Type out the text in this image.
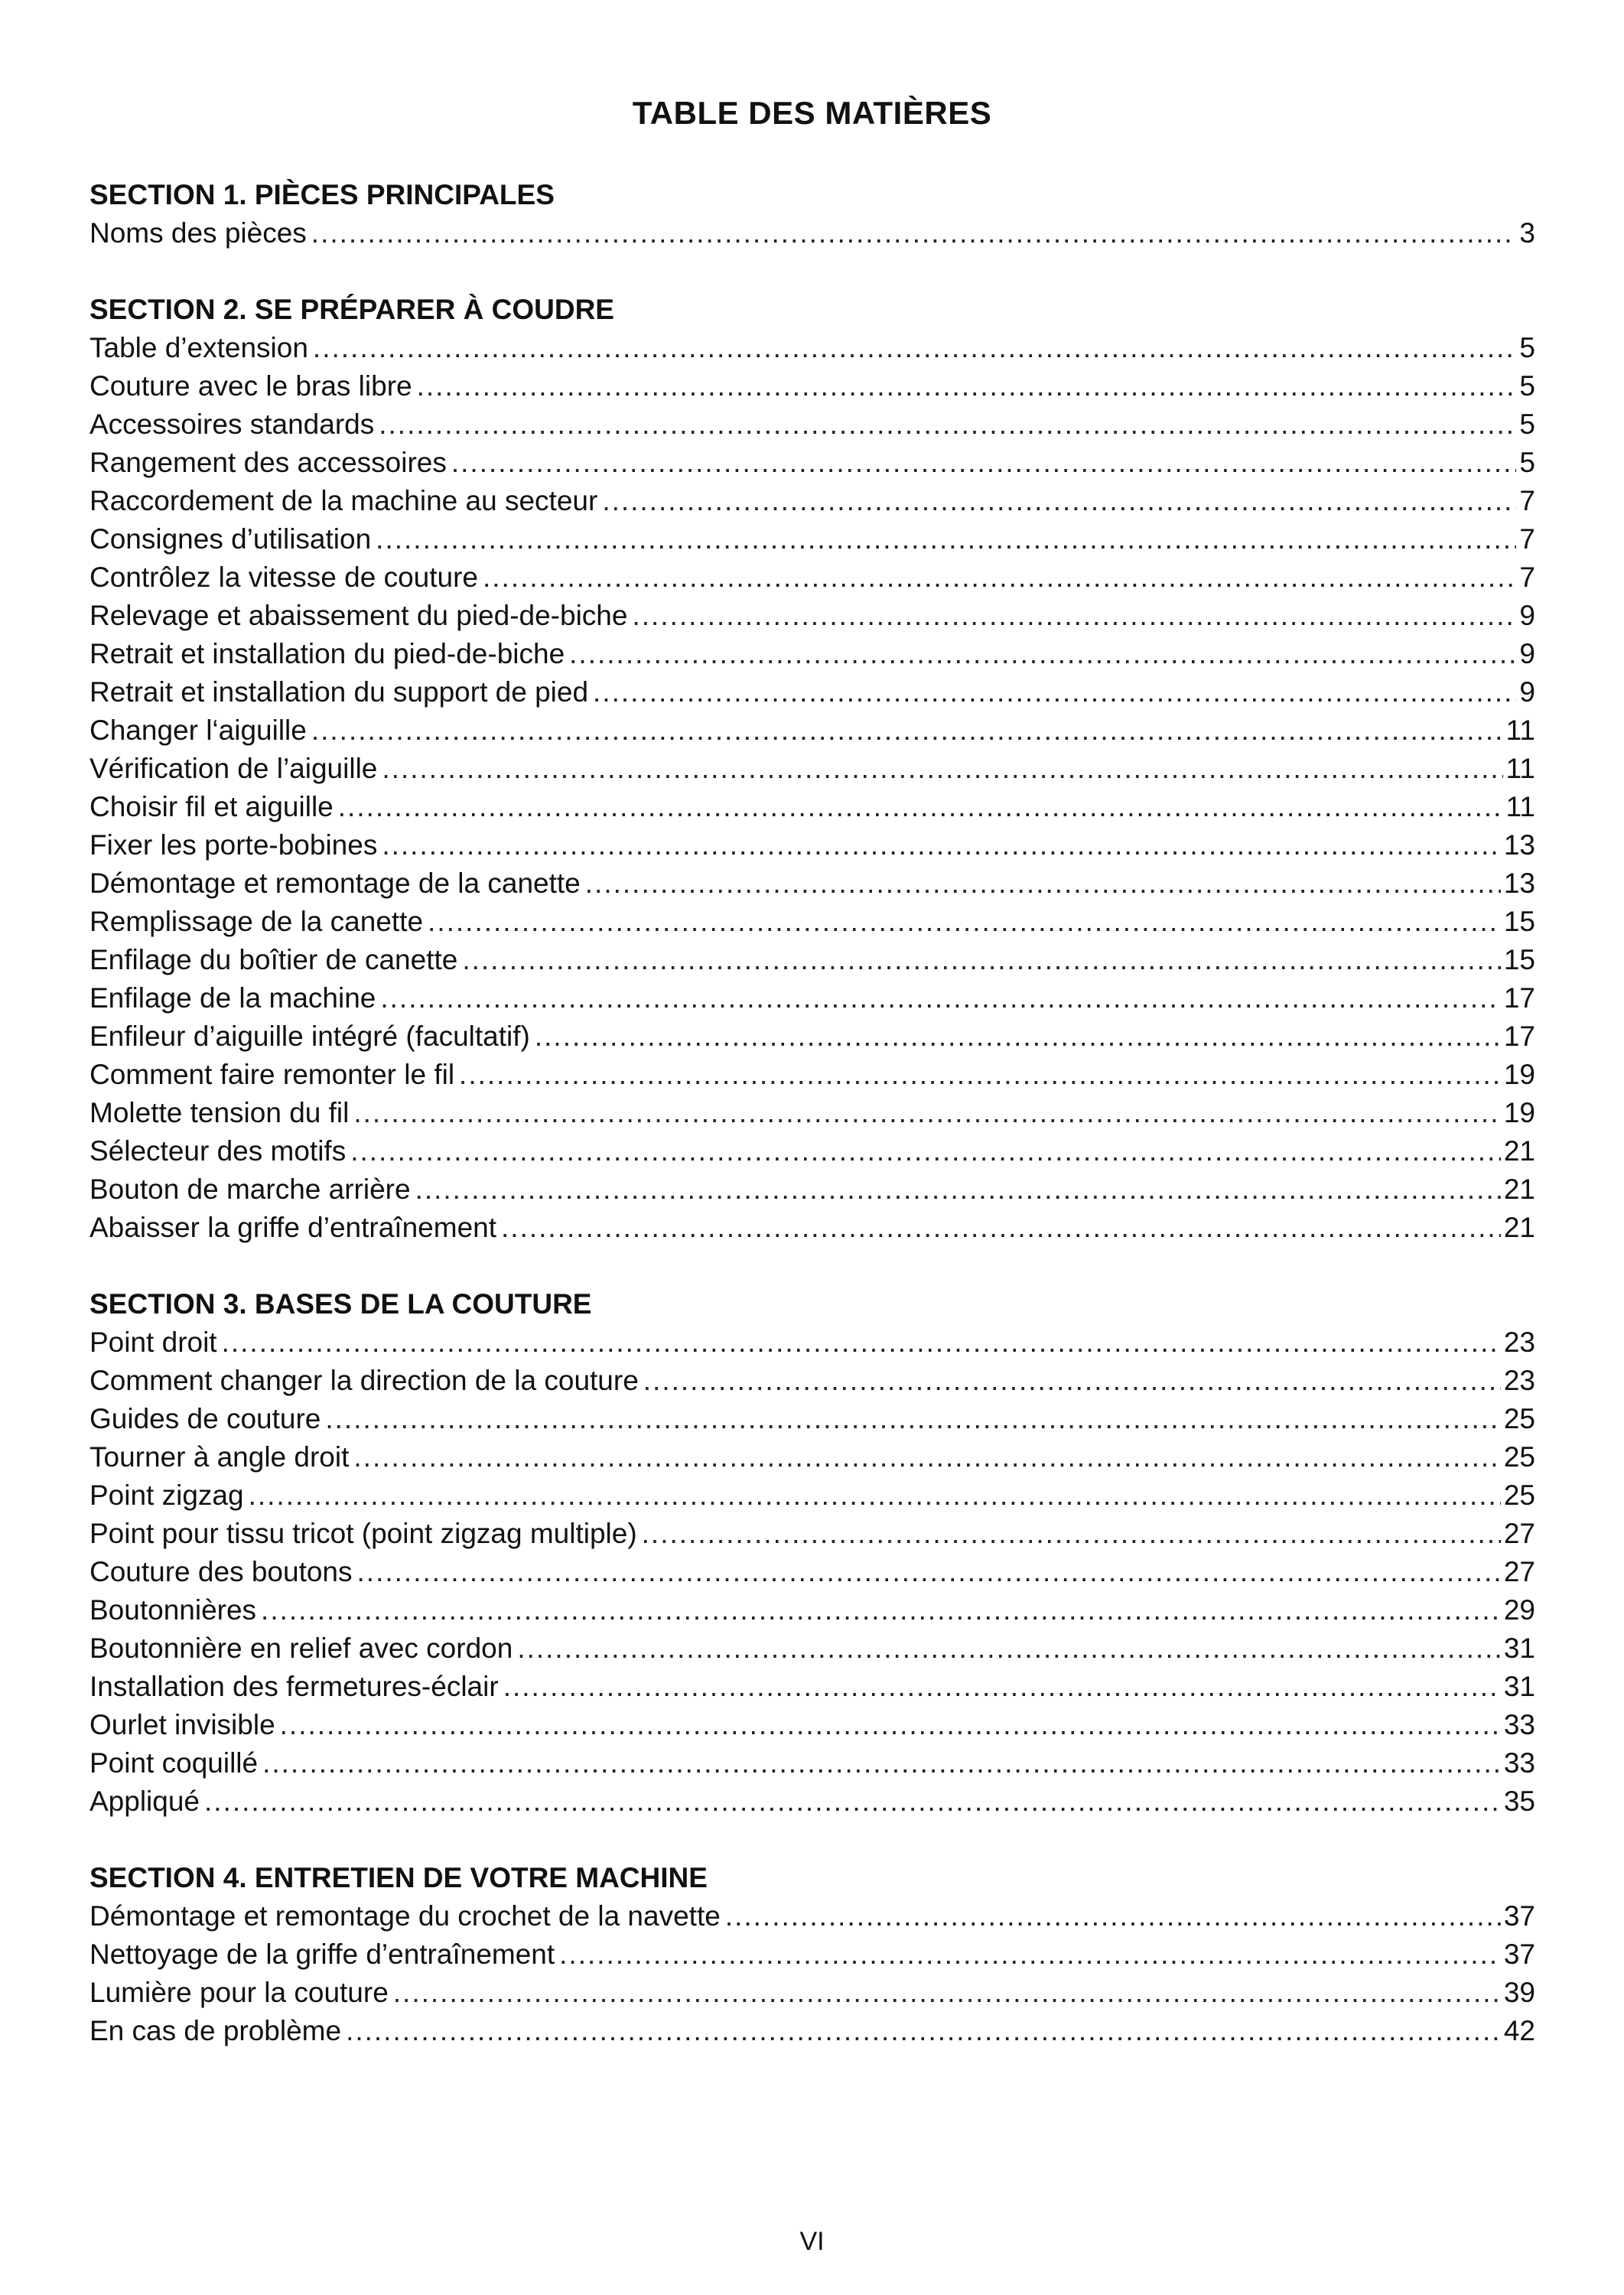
TABLE DES MATIÈRES
SECTION 1. PIÈCES PRINCIPALES
Noms des pièces .....	3
SECTION 2. SE PRÉPARER À COUDRE
Table d’extension .....	5
Couture avec le bras libre .....	5
Accessoires standards .....	5
Rangement des accessoires .....	5
Raccordement de la machine au secteur .....	7
Consignes d’utilisation .....	7
Contrôlez la vitesse de couture .....	7
Relevage et abaissement du pied-de-biche .....	9
Retrait et installation du pied-de-biche .....	9
Retrait et installation du support de pied .....	9
Changer l‘aiguille .....	11
Vérification de l’aiguille .....	11
Choisir fil et aiguille .....	11
Fixer les porte-bobines .....	13
Démontage et remontage de la canette .....	13
Remplissage de la canette .....	15
Enfilage du boîtier de canette .....	15
Enfilage de la machine .....	17
Enfileur d’aiguille intégré (facultatif) .....	17
Comment faire remonter le fil .....	19
Molette tension du fil .....	19
Sélecteur des motifs .....	21
Bouton de marche arrière .....	21
Abaisser la griffe d’entraînement .....	21
SECTION 3. BASES DE LA COUTURE
Point droit .....	23
Comment changer la direction de la couture .....	23
Guides de couture .....	25
Tourner à angle droit .....	25
Point zigzag .....	25
Point pour tissu tricot (point zigzag multiple) .....	27
Couture des boutons .....	27
Boutonnières .....	29
Boutonnière en relief avec cordon .....	31
Installation des fermetures-éclair .....	31
Ourlet invisible .....	33
Point coquillé .....	33
Appliqué .....	35
SECTION 4. ENTRETIEN DE VOTRE MACHINE
Démontage et remontage du crochet de la navette .....	37
Nettoyage de la griffe d’entraînement .....	37
Lumière pour la couture .....	39
En cas de problème .....	42
VI
